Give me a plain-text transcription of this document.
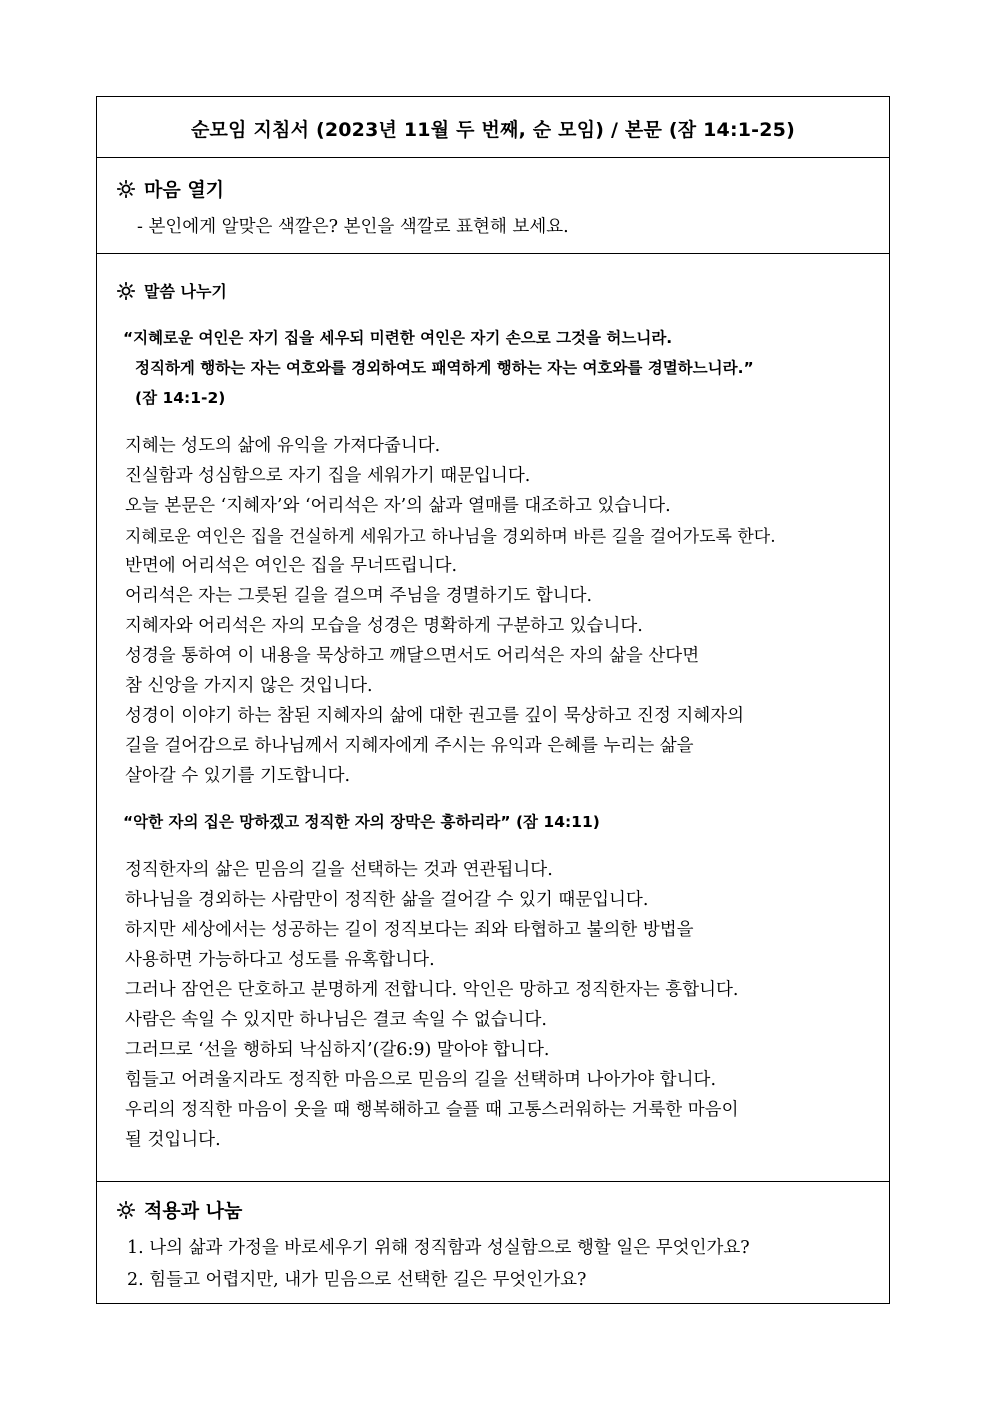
순모임 지침서 (2023년 11월 두 번째, 순 모임) / 본문 (잠 14:1-25)
마음 열기
- 본인에게 알맞은 색깔은? 본인을 색깔로 표현해 보세요.
말씀 나누기
“지혜로운 여인은 자기 집을 세우되 미련한 여인은 자기 손으로 그것을 허느니라.
정직하게 행하는 자는 여호와를 경외하여도 패역하게 행하는 자는 여호와를 경멸하느니라.”
(잠 14:1-2)
지혜는 성도의 삶에 유익을 가져다줍니다.
진실함과 성심함으로 자기 집을 세워가기 때문입니다.
오늘 본문은 ‘지혜자’와 ‘어리석은 자’의 삶과 열매를 대조하고 있습니다.
지혜로운 여인은 집을 건실하게 세워가고 하나님을 경외하며 바른 길을 걸어가도록 한다.
반면에 어리석은 여인은 집을 무너뜨립니다.
어리석은 자는 그릇된 길을 걸으며 주님을 경멸하기도 합니다.
지혜자와 어리석은 자의 모습을 성경은 명확하게 구분하고 있습니다.
성경을 통하여 이 내용을 묵상하고 깨달으면서도 어리석은 자의 삶을 산다면
참 신앙을 가지지 않은 것입니다.
성경이 이야기 하는 참된 지혜자의 삶에 대한 권고를 깊이 묵상하고 진정 지혜자의
길을 걸어감으로 하나님께서 지혜자에게 주시는 유익과 은혜를 누리는 삶을
살아갈 수 있기를 기도합니다.
“악한 자의 집은 망하겠고 정직한 자의 장막은 흥하리라” (잠 14:11)
정직한자의 삶은 믿음의 길을 선택하는 것과 연관됩니다.
하나님을 경외하는 사람만이 정직한 삶을 걸어갈 수 있기 때문입니다.
하지만 세상에서는 성공하는 길이 정직보다는 죄와 타협하고 불의한 방법을
사용하면 가능하다고 성도를 유혹합니다.
그러나 잠언은 단호하고 분명하게 전합니다. 악인은 망하고 정직한자는 흥합니다.
사람은 속일 수 있지만 하나님은 결코 속일 수 없습니다.
그러므로 ‘선을 행하되 낙심하지’(갈6:9) 말아야 합니다.
힘들고 어려울지라도 정직한 마음으로 믿음의 길을 선택하며 나아가야 합니다.
우리의 정직한 마음이 웃을 때 행복해하고 슬플 때 고통스러워하는 거룩한 마음이
될 것입니다.
적용과 나눔
1. 나의 삶과 가정을 바로세우기 위해 정직함과 성실함으로 행할 일은 무엇인가요?
2. 힘들고 어렵지만, 내가 믿음으로 선택한 길은 무엇인가요?
